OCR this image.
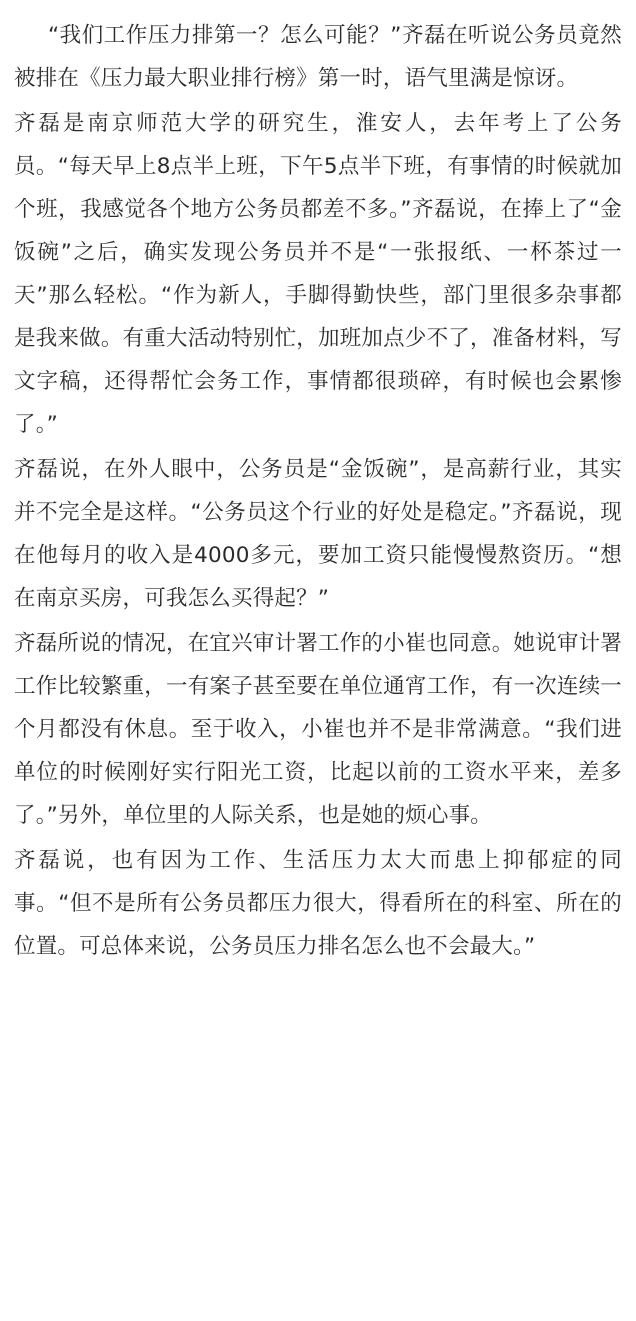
“我们工作压力排第一？怎么可能？”齐磊在听说公务员竟然被排在《压力最大职业排行榜》第一时，语气里满是惊讶。

齐磊是南京师范大学的研究生，淮安人，去年考上了公务员。“每天早上8点半上班，下午5点半下班，有事情的时候就加个班，我感觉各个地方公务员都差不多。”齐磊说，在捧上了“金饭碗”之后，确实发现公务员并不是“一张报纸、一杯茶过一天”那么轻松。“作为新人，手脚得勤快些，部门里很多杂事都是我来做。有重大活动特别忙，加班加点少不了，准备材料，写文字稿，还得帮忙会务工作，事情都很琐碎，有时候也会累惨了。”

齐磊说，在外人眼中，公务员是“金饭碗”，是高薪行业，其实并不完全是这样。“公务员这个行业的好处是稳定。”齐磊说，现在他每月的收入是4000多元，要加工资只能慢慢熬资历。“想在南京买房，可我怎么买得起？”

齐磊所说的情况，在宜兴审计署工作的小崔也同意。她说审计署工作比较繁重，一有案子甚至要在单位通宵工作，有一次连续一个月都没有休息。至于收入，小崔也并不是非常满意。“我们进单位的时候刚好实行阳光工资，比起以前的工资水平来，差多了。”另外，单位里的人际关系，也是她的烦心事。

齐磊说，也有因为工作、生活压力太大而患上抑郁症的同事。“但不是所有公务员都压力很大，得看所在的科室、所在的位置。可总体来说，公务员压力排名怎么也不会最大。”
